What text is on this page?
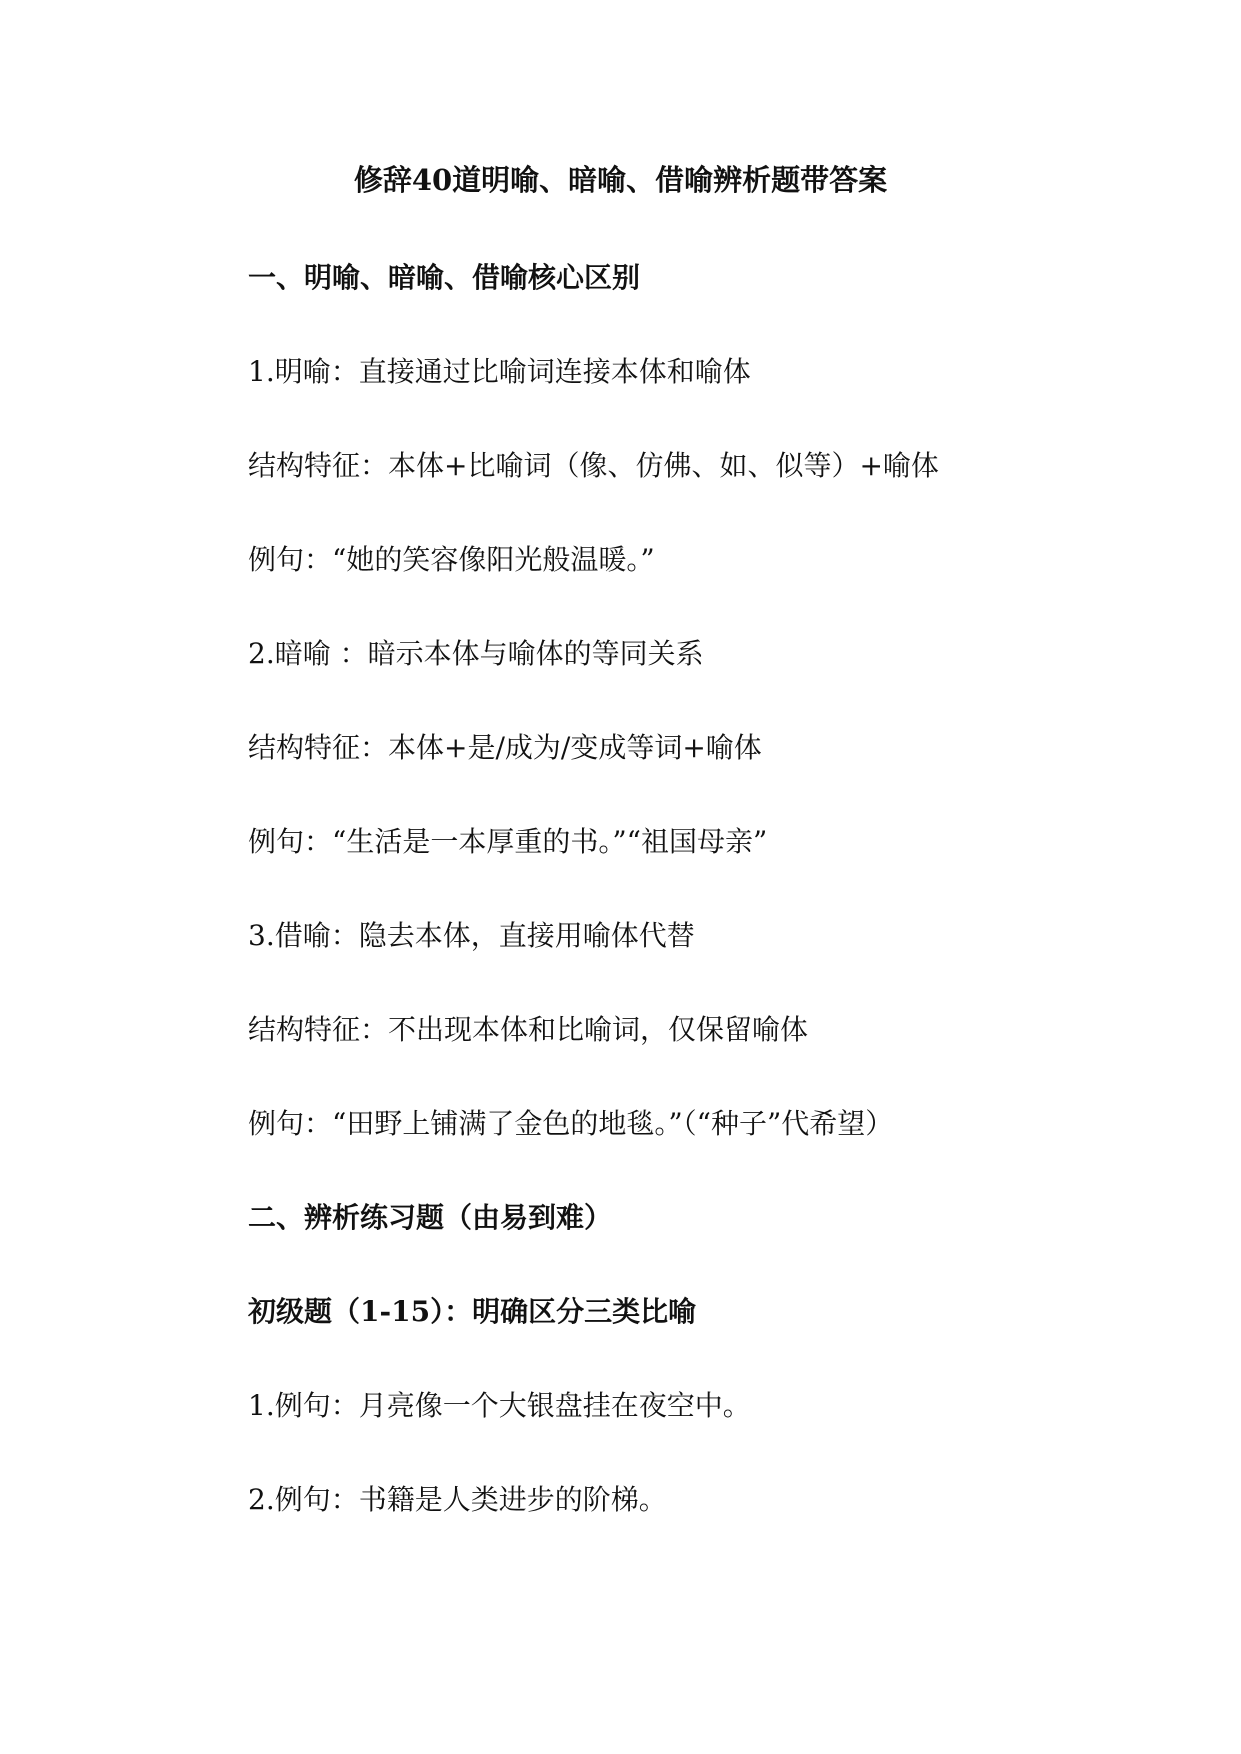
修辞40道明喻、暗喻、借喻辨析题带答案
一、明喻、暗喻、借喻核心区别
1.明喻：直接通过比喻词连接本体和喻体
结构特征：本体+比喻词（像、仿佛、如、似等）+喻体
例句：“她的笑容像阳光般温暖。”
2.暗喻 ：暗示本体与喻体的等同关系
结构特征：本体+是/成为/变成等词+喻体
例句：“生活是一本厚重的书。”“祖国母亲”
3.借喻：隐去本体，直接用喻体代替
结构特征：不出现本体和比喻词，仅保留喻体
例句：“田野上铺满了金色的地毯。”（“种子”代希望）
二、辨析练习题（由易到难）
初级题（1-15）：明确区分三类比喻
1.例句：月亮像一个大银盘挂在夜空中。
2.例句：书籍是人类进步的阶梯。
